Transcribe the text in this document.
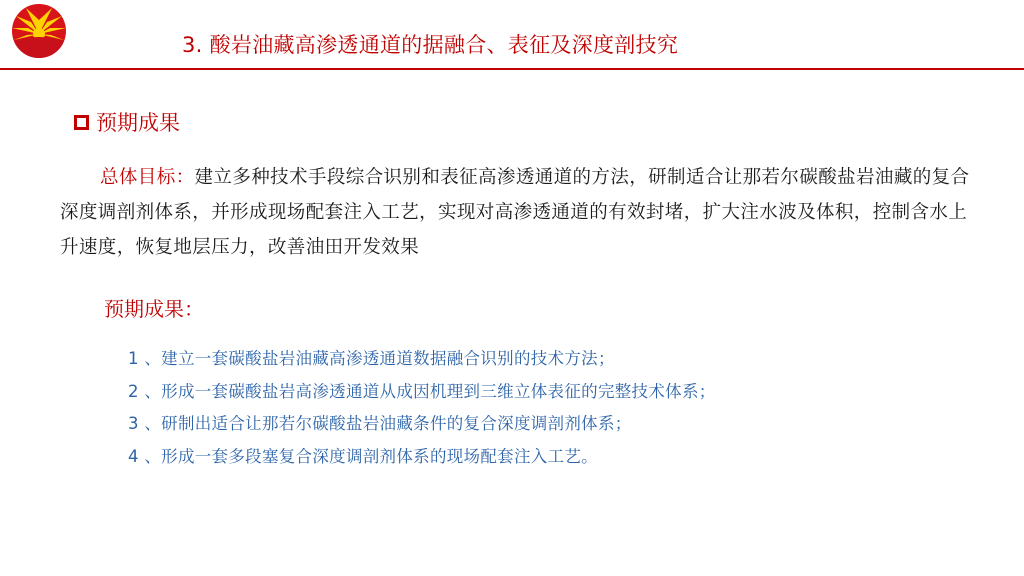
3. 酸岩油藏高渗透通道的据融合、表征及深度剖技究
预期成果

总体目标：建立多种技术手段综合识别和表征高渗透通道的方法，研制适合让那若尔碳酸盐岩油藏的复合深度调剖剂体系，并形成现场配套注入工艺，实现对高渗透通道的有效封堵，扩大注水波及体积，控制含水上升速度，恢复地层压力，改善油田开发效果

预期成果：
1 、建立一套碳酸盐岩油藏高渗透通道数据融合识别的技术方法；
2 、形成一套碳酸盐岩高渗透通道从成因机理到三维立体表征的完整技术体系；
3 、研制出适合让那若尔碳酸盐岩油藏条件的复合深度调剖剂体系；
4 、形成一套多段塞复合深度调剖剂体系的现场配套注入工艺。
